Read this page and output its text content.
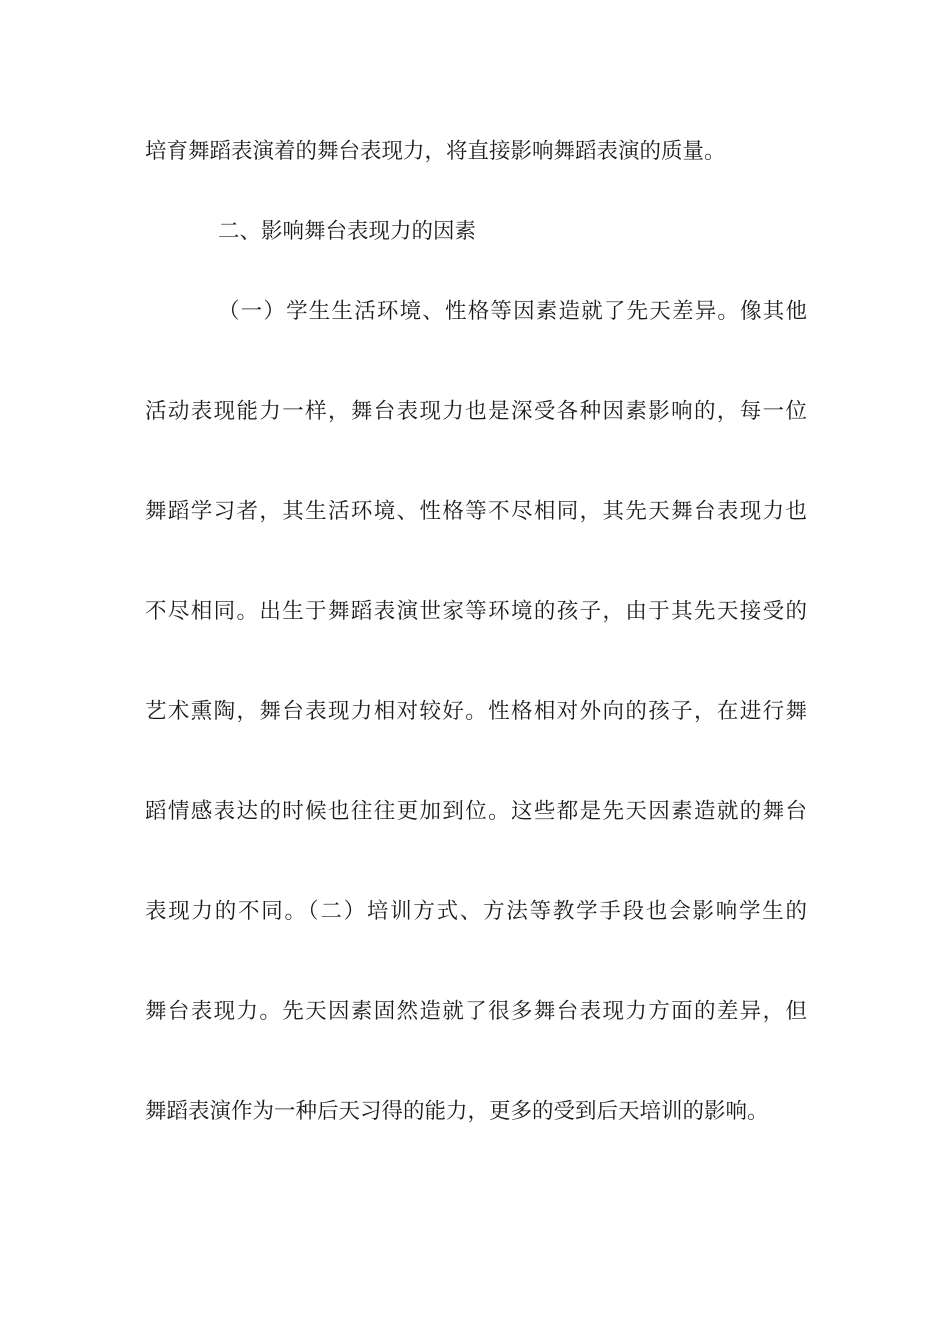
培育舞蹈表演着的舞台表现力，将直接影响舞蹈表演的质量。
二、影响舞台表现力的因素
（一）学生生活环境、性格等因素造就了先天差异。像其他
活动表现能力一样，舞台表现力也是深受各种因素影响的，每一位
舞蹈学习者，其生活环境、性格等不尽相同，其先天舞台表现力也
不尽相同。出生于舞蹈表演世家等环境的孩子，由于其先天接受的
艺术熏陶，舞台表现力相对较好。性格相对外向的孩子，在进行舞
蹈情感表达的时候也往往更加到位。这些都是先天因素造就的舞台
表现力的不同。（二）培训方式、方法等教学手段也会影响学生的
舞台表现力。先天因素固然造就了很多舞台表现力方面的差异，但
舞蹈表演作为一种后天习得的能力，更多的受到后天培训的影响。
